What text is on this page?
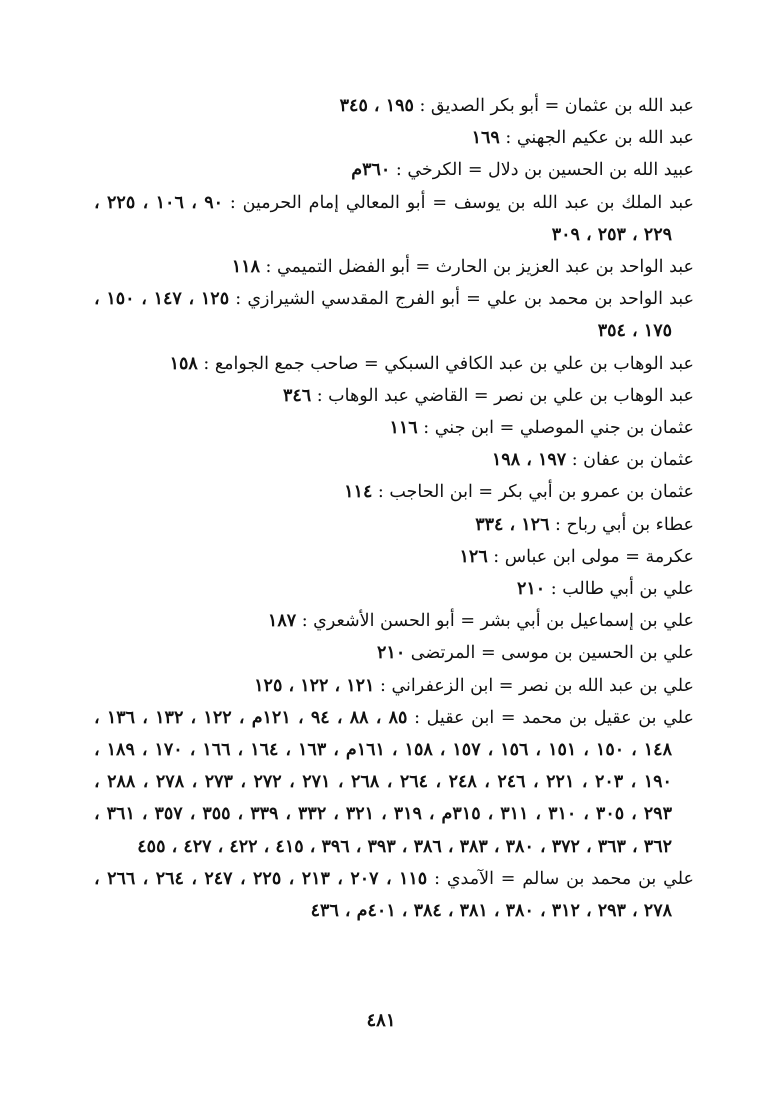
عبد الله بن عثمان = أبو بكر الصديق : ١٩٥ ، ٣٤٥
عبد الله بن عكيم الجهني : ١٦٩
عبيد الله بن الحسين بن دلال = الكرخي : ٣٦٠م
عبد الملك بن عبد الله بن يوسف = أبو المعالي إمام الحرمين : ٩٠ ، ١٠٦ ، ٢٢٥ ، ٢٢٩ ، ٢٥٣ ، ٣٠٩
عبد الواحد بن عبد العزيز بن الحارث = أبو الفضل التميمي : ١١٨
عبد الواحد بن محمد بن علي = أبو الفرج المقدسي الشيرازي : ١٢٥ ، ١٤٧ ، ١٥٠ ، ١٧٥ ، ٣٥٤
عبد الوهاب بن علي بن عبد الكافي السبكي = صاحب جمع الجوامع : ١٥٨
عبد الوهاب بن علي بن نصر = القاضي عبد الوهاب : ٣٤٦
عثمان بن جني الموصلي = ابن جني : ١١٦
عثمان بن عفان : ١٩٧ ، ١٩٨
عثمان بن عمرو بن أبي بكر = ابن الحاجب : ١١٤
عطاء بن أبي رباح : ١٢٦ ، ٣٣٤
عكرمة = مولى ابن عباس : ١٢٦
علي بن أبي طالب : ٢١٠
علي بن إسماعيل بن أبي بشر = أبو الحسن الأشعري : ١٨٧
علي بن الحسين بن موسى = المرتضى ٢١٠
علي بن عبد الله بن نصر = ابن الزعفراني : ١٢١ ، ١٢٢ ، ١٢٥
علي بن عقيل بن محمد = ابن عقيل : ٨٥ ، ٨٨ ، ٩٤ ، ١٢١م ، ١٢٢ ، ١٣٢ ، ١٣٦ ، ١٤٨ ، ١٥٠ ، ١٥١ ، ١٥٦ ، ١٥٧ ، ١٥٨ ، ١٦١م ، ١٦٣ ، ١٦٤ ، ١٦٦ ، ١٧٠ ، ١٨٩ ، ١٩٠ ، ٢٠٣ ، ٢٢١ ، ٢٤٦ ، ٢٤٨ ، ٢٦٤ ، ٢٦٨ ، ٢٧١ ، ٢٧٢ ، ٢٧٣ ، ٢٧٨ ، ٢٨٨ ، ٢٩٣ ، ٣٠٥ ، ٣١٠ ، ٣١١ ، ٣١٥م ، ٣١٩ ، ٣٢١ ، ٣٣٢ ، ٣٣٩ ، ٣٥٥ ، ٣٥٧ ، ٣٦١ ، ٣٦٢ ، ٣٦٣ ، ٣٧٢ ، ٣٨٠ ، ٣٨٣ ، ٣٨٦ ، ٣٩٣ ، ٣٩٦ ، ٤١٥ ، ٤٢٢ ، ٤٢٧ ، ٤٥٥
علي بن محمد بن سالم = الآمدي : ١١٥ ، ٢٠٧ ، ٢١٣ ، ٢٢٥ ، ٢٤٧ ، ٢٦٤ ، ٢٦٦ ، ٢٧٨ ، ٢٩٣ ، ٣١٢ ، ٣٨٠ ، ٣٨١ ، ٣٨٤ ، ٤٠١م ، ٤٣٦
٤٨١
